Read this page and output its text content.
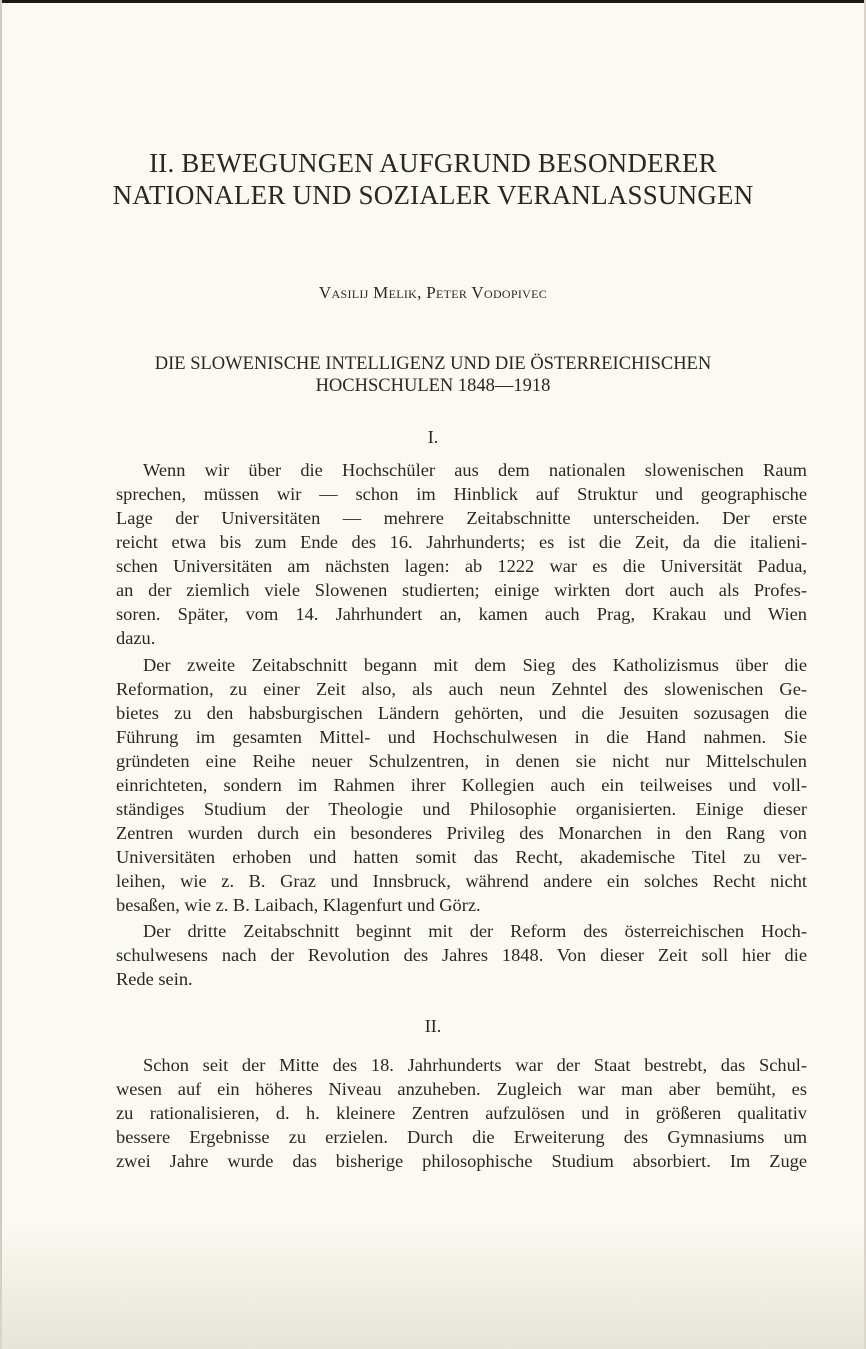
II. BEWEGUNGEN AUFGRUND BESONDERER
NATIONALER UND SOZIALER VERANLASSUNGEN
Vasilij Melik, Peter Vodopivec
DIE SLOWENISCHE INTELLIGENZ UND DIE ÖSTERREICHISCHEN
HOCHSCHULEN 1848—1918
I.
Wenn wir über die Hochschüler aus dem nationalen slowenischen Raum
sprechen, müssen wir — schon im Hinblick auf Struktur und geographische
Lage der Universitäten — mehrere Zeitabschnitte unterscheiden. Der erste
reicht etwa bis zum Ende des 16. Jahrhunderts; es ist die Zeit, da die italieni-
schen Universitäten am nächsten lagen: ab 1222 war es die Universität Padua,
an der ziemlich viele Slowenen studierten; einige wirkten dort auch als Profes-
soren. Später, vom 14. Jahrhundert an, kamen auch Prag, Krakau und Wien
dazu.
Der zweite Zeitabschnitt begann mit dem Sieg des Katholizismus über die
Reformation, zu einer Zeit also, als auch neun Zehntel des slowenischen Ge-
bietes zu den habsburgischen Ländern gehörten, und die Jesuiten sozusagen die
Führung im gesamten Mittel- und Hochschulwesen in die Hand nahmen. Sie
gründeten eine Reihe neuer Schulzentren, in denen sie nicht nur Mittelschulen
einrichteten, sondern im Rahmen ihrer Kollegien auch ein teilweises und voll-
ständiges Studium der Theologie und Philosophie organisierten. Einige dieser
Zentren wurden durch ein besonderes Privileg des Monarchen in den Rang von
Universitäten erhoben und hatten somit das Recht, akademische Titel zu ver-
leihen, wie z. B. Graz und Innsbruck, während andere ein solches Recht nicht
besaßen, wie z. B. Laibach, Klagenfurt und Görz.
Der dritte Zeitabschnitt beginnt mit der Reform des österreichischen Hoch-
schulwesens nach der Revolution des Jahres 1848. Von dieser Zeit soll hier die
Rede sein.
II.
Schon seit der Mitte des 18. Jahrhunderts war der Staat bestrebt, das Schul-
wesen auf ein höheres Niveau anzuheben. Zugleich war man aber bemüht, es
zu rationalisieren, d. h. kleinere Zentren aufzulösen und in größeren qualitativ
bessere Ergebnisse zu erzielen. Durch die Erweiterung des Gymnasiums um
zwei Jahre wurde das bisherige philosophische Studium absorbiert. Im Zuge
